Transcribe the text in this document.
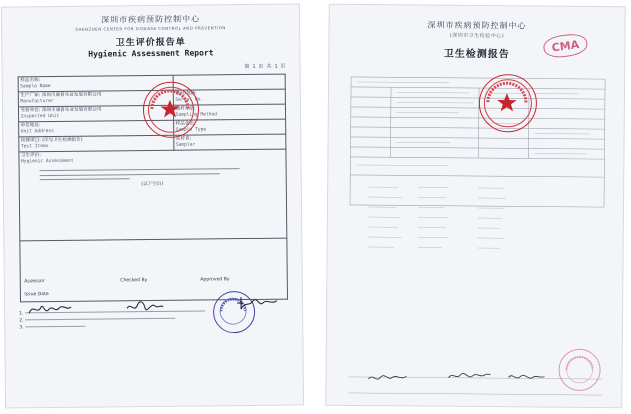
深圳市疾病预防控制中心
SHENZHEN CENTER FOR DISEASE CONTROL AND PREVENTION
卫生评价报告单
Hygienic Assessment Report

第 1 页 共 1 页
样品名称:
Sample Name	

生产厂家: 深圳市康普实业发展有限公司
Manufacturer	批号/规格:
Serial No.

受检单位: 深圳市康普实业发展有限公司
Inspected Unit	抽样方法:
Sampling Method

单位地址:
Unit Address	样品状态:
Sample Type

检测项目: (详见卫生检测报告)
Test Items	采样者:
Sampler

卫生评价:
Hygienic Assessment
(以下空白)	

Assessor Checked By Approved By
Issue Date	
1.
2.
3.
深圳市疾病预防控制中心
(深圳市卫生检验中心)
卫生检测报告
CMA
